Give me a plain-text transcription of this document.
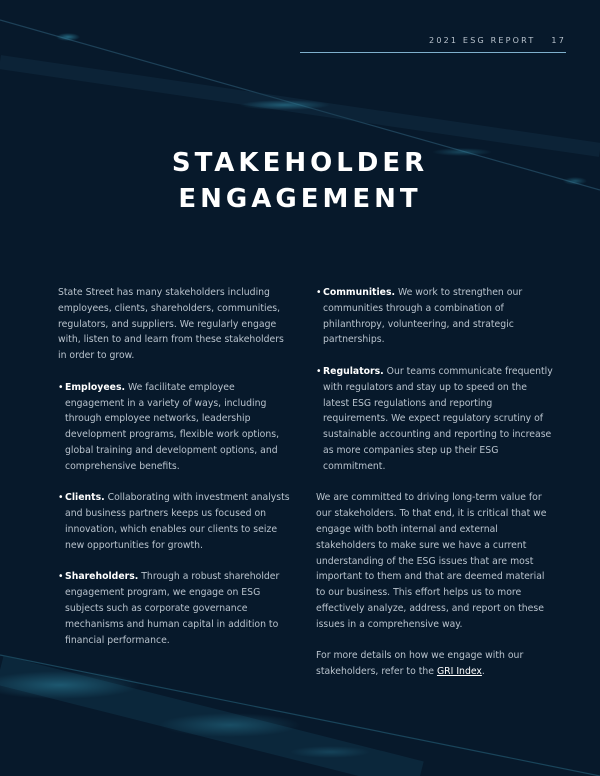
2021 ESG REPORT 17
STAKEHOLDER
ENGAGEMENT

State Street has many stakeholders including employees, clients, shareholders, communities, regulators, and suppliers. We regularly engage with, listen to and learn from these stakeholders in order to grow.

• Employees. We facilitate employee engagement in a variety of ways, including through employee networks, leadership development programs, flexible work options, global training and development options, and comprehensive benefits.
• Clients. Collaborating with investment analysts and business partners keeps us focused on innovation, which enables our clients to seize new opportunities for growth.
• Shareholders. Through a robust shareholder engagement program, we engage on ESG subjects such as corporate governance mechanisms and human capital in addition to financial performance.
• Communities. We work to strengthen our communities through a combination of philanthropy, volunteering, and strategic partnerships.
• Regulators. Our teams communicate frequently with regulators and stay up to speed on the latest ESG regulations and reporting requirements. We expect regulatory scrutiny of sustainable accounting and reporting to increase as more companies step up their ESG commitment.

We are committed to driving long-term value for our stakeholders. To that end, it is critical that we engage with both internal and external stakeholders to make sure we have a current understanding of the ESG issues that are most important to them and that are deemed material to our business. This effort helps us to more effectively analyze, address, and report on these issues in a comprehensive way.

For more details on how we engage with our stakeholders, refer to the GRI Index.
